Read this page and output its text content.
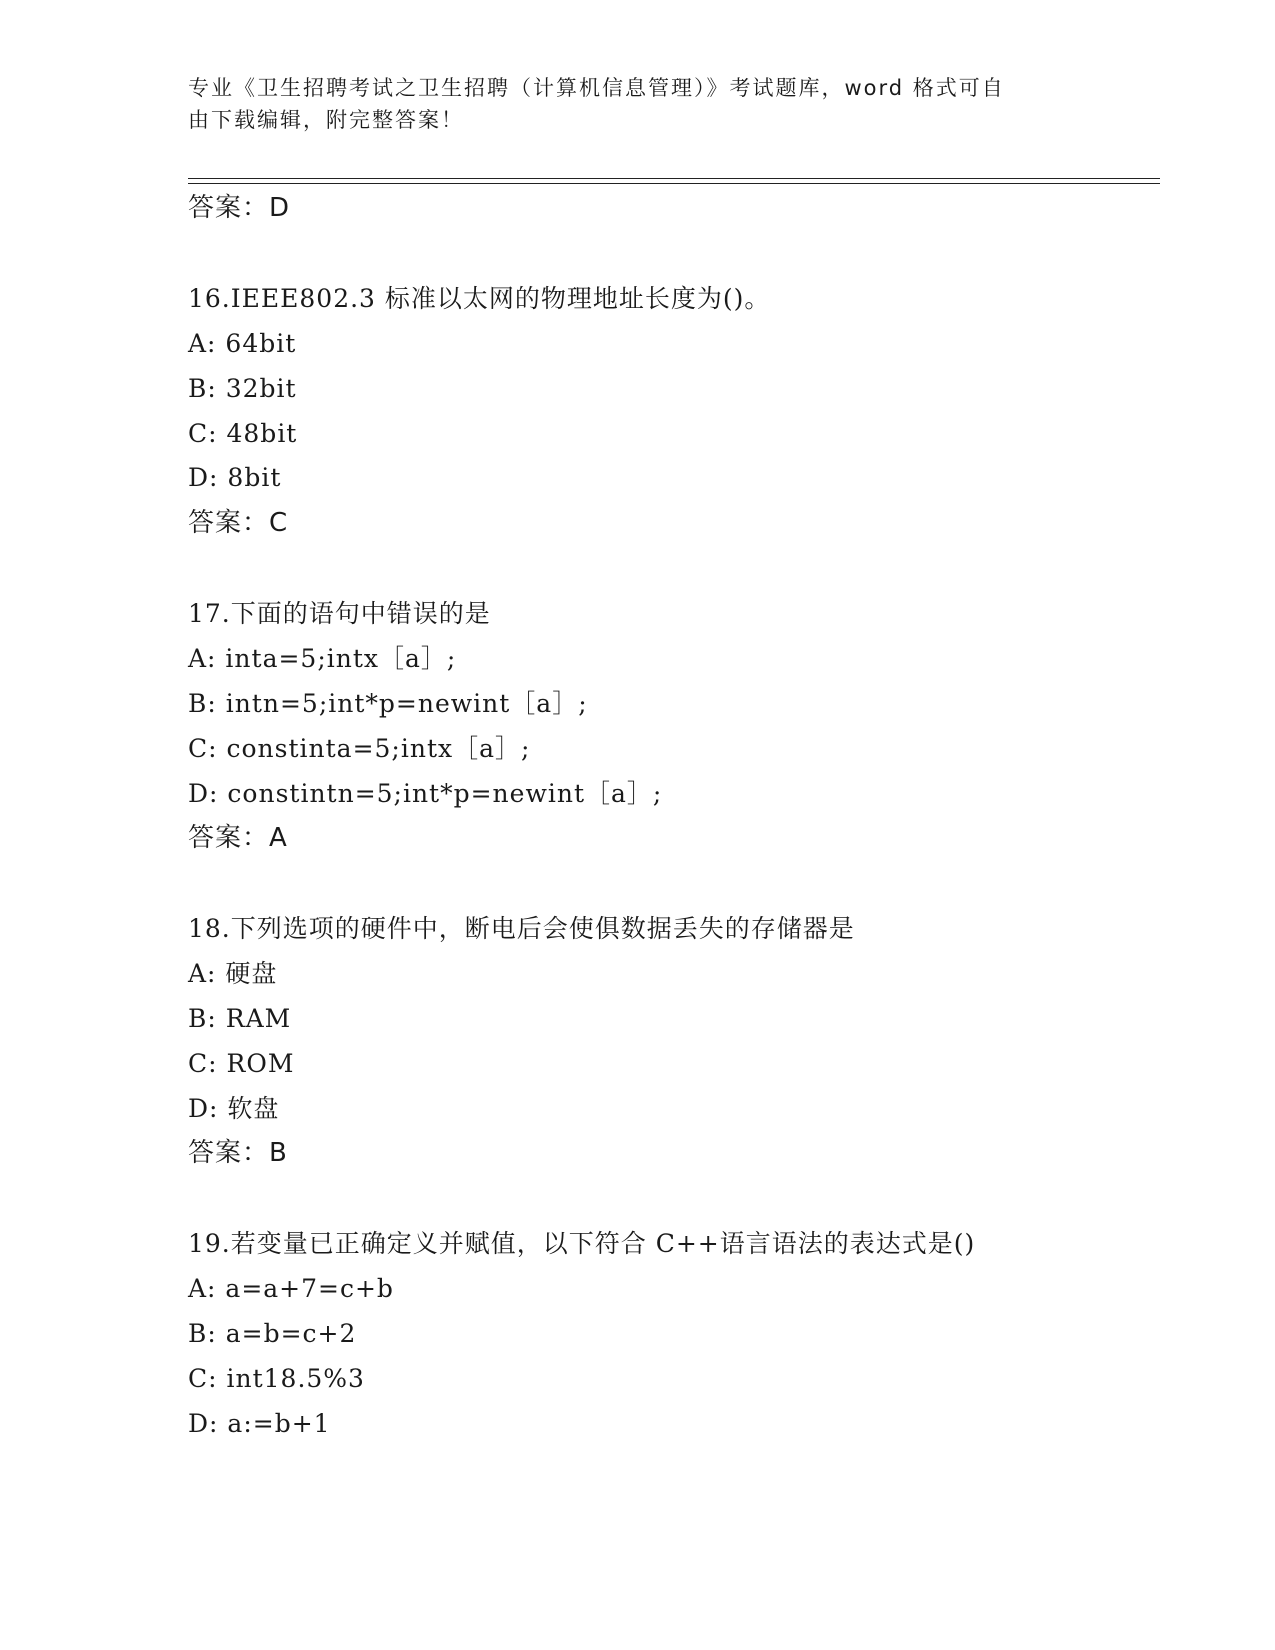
专业《卫生招聘考试之卫生招聘（计算机信息管理）》考试题库，word 格式可自
由下载编辑，附完整答案！
答案：D
16.IEEE802.3 标准以太网的物理地址长度为()。
A: 64bit
B: 32bit
C: 48bit
D: 8bit
答案：C
17.下面的语句中错误的是
A: inta=5;intx［a］;
B: intn=5;int*p=newint［a］;
C: constinta=5;intx［a］;
D: constintn=5;int*p=newint［a］;
答案：A
18.下列选项的硬件中，断电后会使俱数据丢失的存储器是
A: 硬盘
B: RAM
C: ROM
D: 软盘
答案：B
19.若变量已正确定义并赋值，以下符合 C++语言语法的表达式是()
A: a=a+7=c+b
B: a=b=c+2
C: int18.5%3
D: a:=b+1
